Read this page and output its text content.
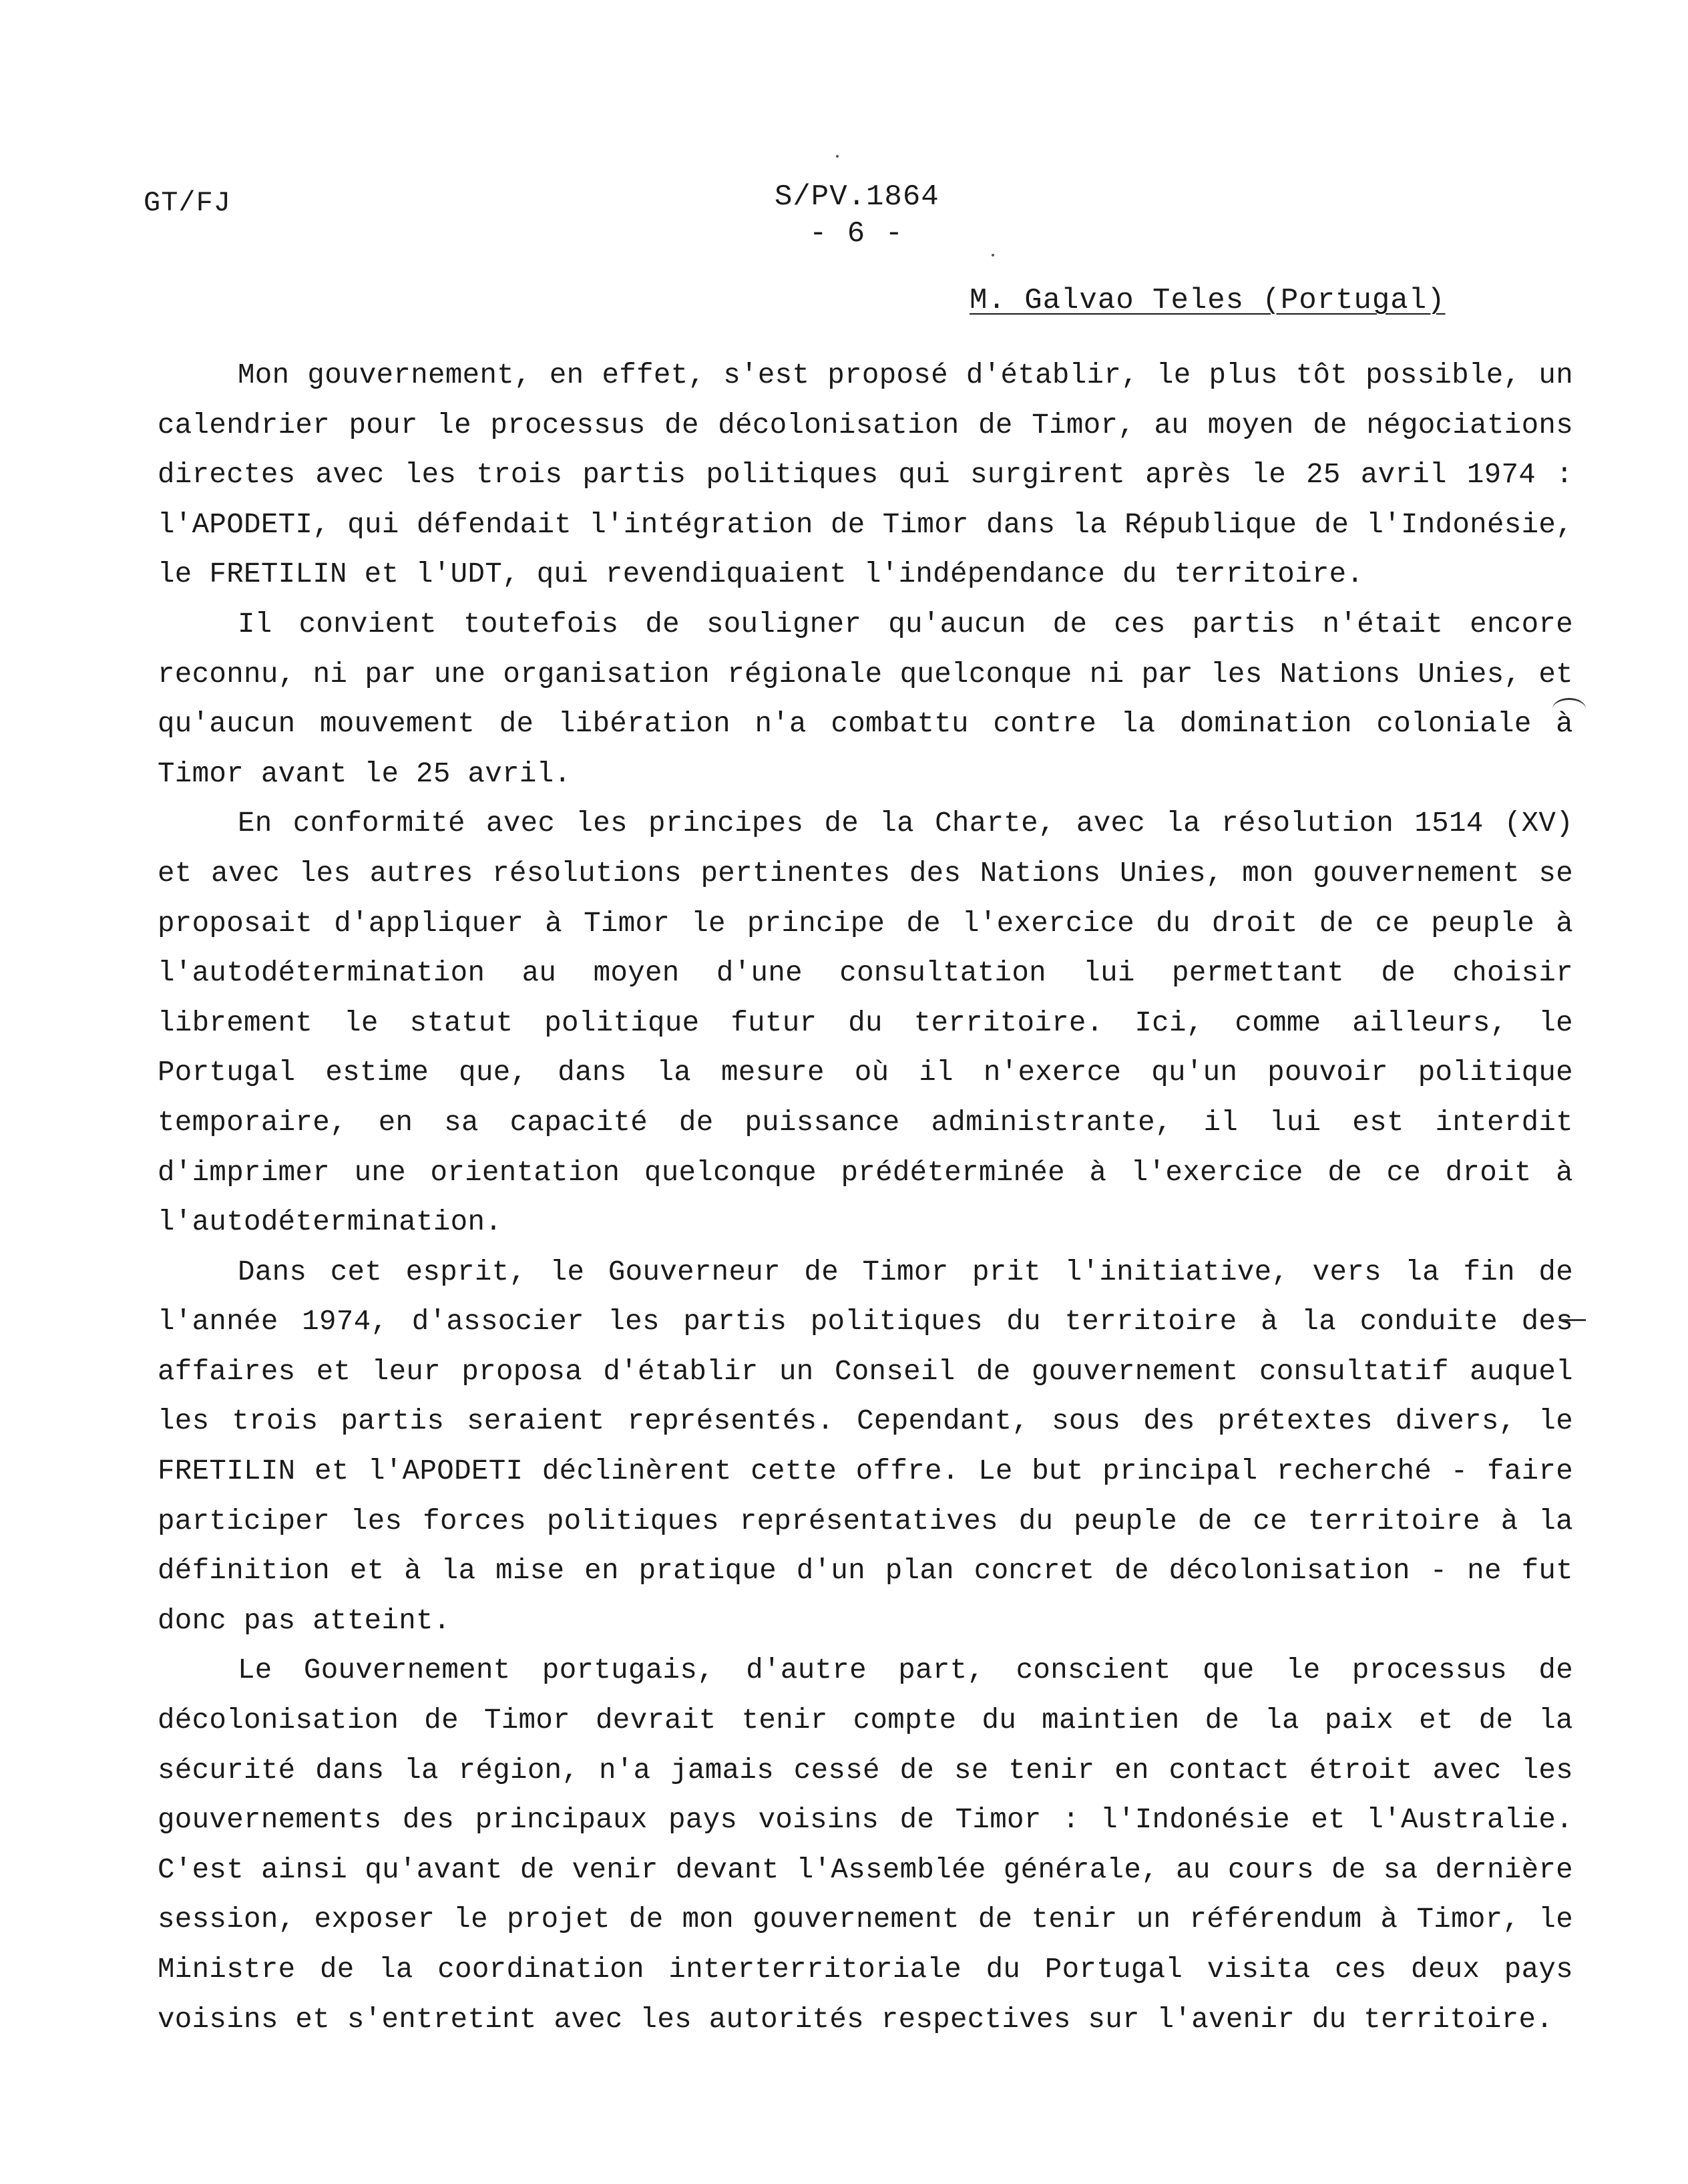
GT/FJ	S/PV.1864
- 6 -
M. Galvao Teles (Portugal)

Mon gouvernement, en effet, s'est proposé d'établir, le plus tôt possible, un calendrier pour le processus de décolonisation de Timor, au moyen de négociations directes avec les trois partis politiques qui surgirent après le 25 avril 1974 : l'APODETI, qui défendait l'intégration de Timor dans la République de l'Indonésie, le FRETILIN et l'UDT, qui revendiquaient l'indépendance du territoire.

Il convient toutefois de souligner qu'aucun de ces partis n'était encore reconnu, ni par une organisation régionale quelconque ni par les Nations Unies, et qu'aucun mouvement de libération n'a combattu contre la domination coloniale à Timor avant le 25 avril.

En conformité avec les principes de la Charte, avec la résolution 1514 (XV) et avec les autres résolutions pertinentes des Nations Unies, mon gouvernement se proposait d'appliquer à Timor le principe de l'exercice du droit de ce peuple à l'autodétermination au moyen d'une consultation lui permettant de choisir librement le statut politique futur du territoire. Ici, comme ailleurs, le Portugal estime que, dans la mesure où il n'exerce qu'un pouvoir politique temporaire, en sa capacité de puissance administrante, il lui est interdit d'imprimer une orientation quelconque prédéterminée à l'exercice de ce droit à l'autodétermination.

Dans cet esprit, le Gouverneur de Timor prit l'initiative, vers la fin de l'année 1974, d'associer les partis politiques du territoire à la conduite des affaires et leur proposa d'établir un Conseil de gouvernement consultatif auquel les trois partis seraient représentés. Cependant, sous des prétextes divers, le FRETILIN et l'APODETI déclinèrent cette offre. Le but principal recherché - faire participer les forces politiques représentatives du peuple de ce territoire à la définition et à la mise en pratique d'un plan concret de décolonisation - ne fut donc pas atteint.

Le Gouvernement portugais, d'autre part, conscient que le processus de décolonisation de Timor devrait tenir compte du maintien de la paix et de la sécurité dans la région, n'a jamais cessé de se tenir en contact étroit avec les gouvernements des principaux pays voisins de Timor : l'Indonésie et l'Australie. C'est ainsi qu'avant de venir devant l'Assemblée générale, au cours de sa dernière session, exposer le projet de mon gouvernement de tenir un référendum à Timor, le Ministre de la coordination interterritoriale du Portugal visita ces deux pays voisins et s'entretint avec les autorités respectives sur l'avenir du territoire.
